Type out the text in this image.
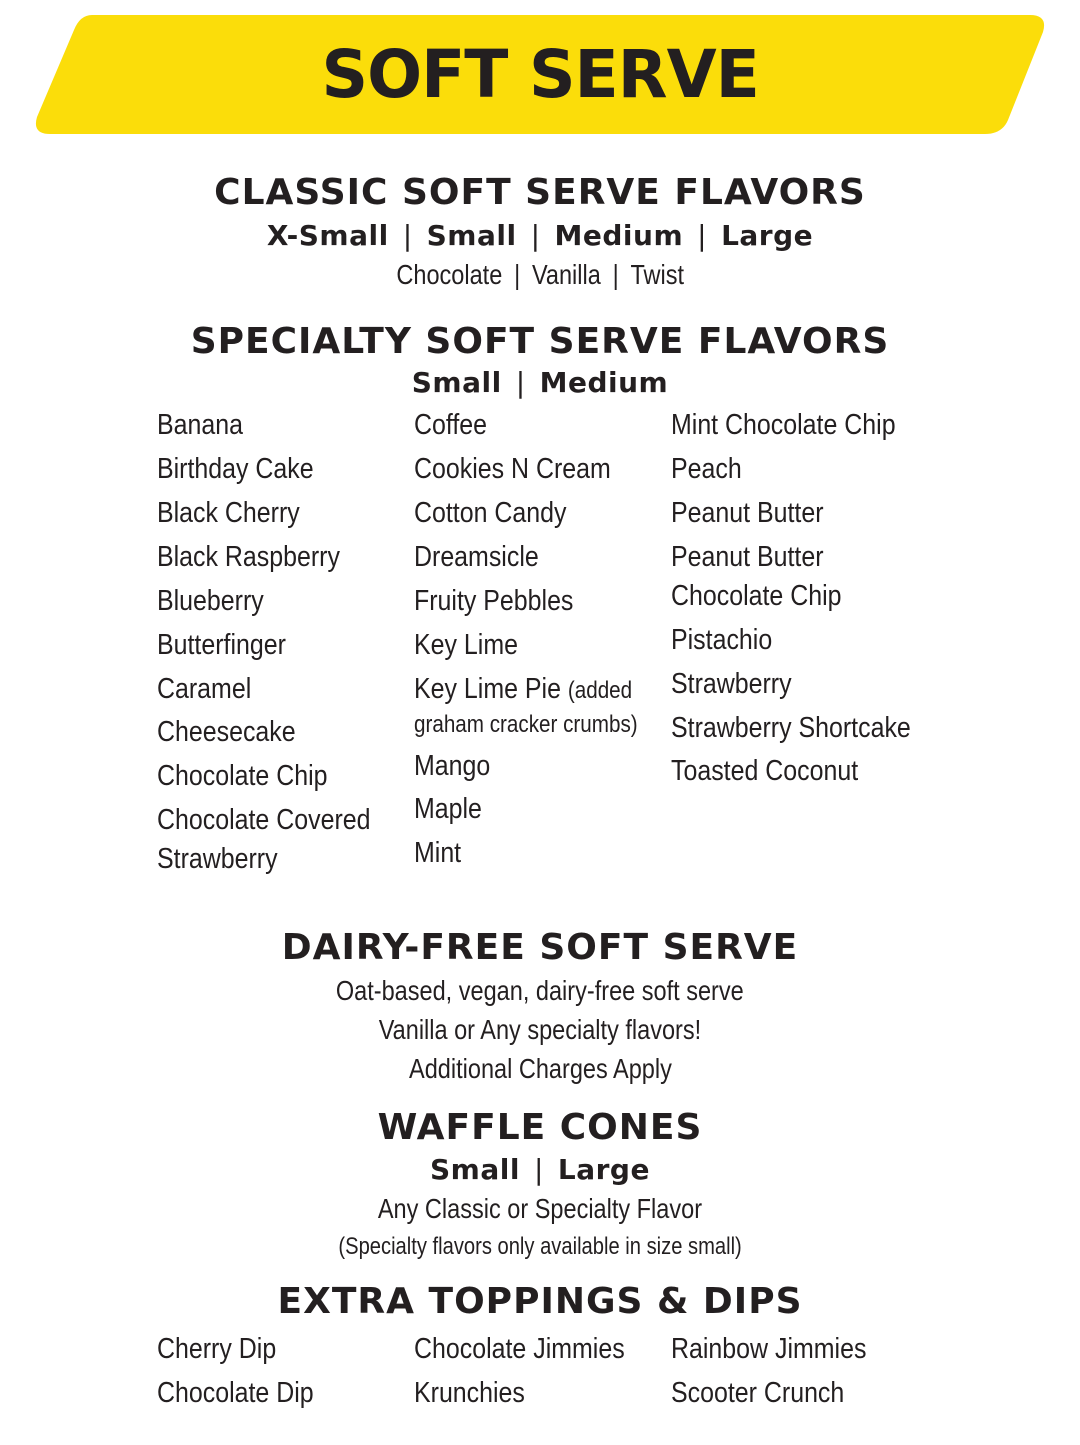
SOFT SERVE
CLASSIC SOFT SERVE FLAVORS
X-Small | Small | Medium | Large
Chocolate | Vanilla | Twist
SPECIALTY SOFT SERVE FLAVORS
Small | Medium
Banana
Birthday Cake
Black Cherry
Black Raspberry
Blueberry
Butterfinger
Caramel
Cheesecake
Chocolate Chip
Chocolate Covered
Strawberry
Coffee
Cookies N Cream
Cotton Candy
Dreamsicle
Fruity Pebbles
Key Lime
Key Lime Pie (added
graham cracker crumbs)
Mango
Maple
Mint
Mint Chocolate Chip
Peach
Peanut Butter
Peanut Butter
Chocolate Chip
Pistachio
Strawberry
Strawberry Shortcake
Toasted Coconut
DAIRY-FREE SOFT SERVE
Oat-based, vegan, dairy-free soft serve
Vanilla or Any specialty flavors!
Additional Charges Apply
WAFFLE CONES
Small | Large
Any Classic or Specialty Flavor
(Specialty flavors only available in size small)
EXTRA TOPPINGS & DIPS
Cherry Dip
Chocolate Dip
Chocolate Jimmies
Krunchies
Rainbow Jimmies
Scooter Crunch
